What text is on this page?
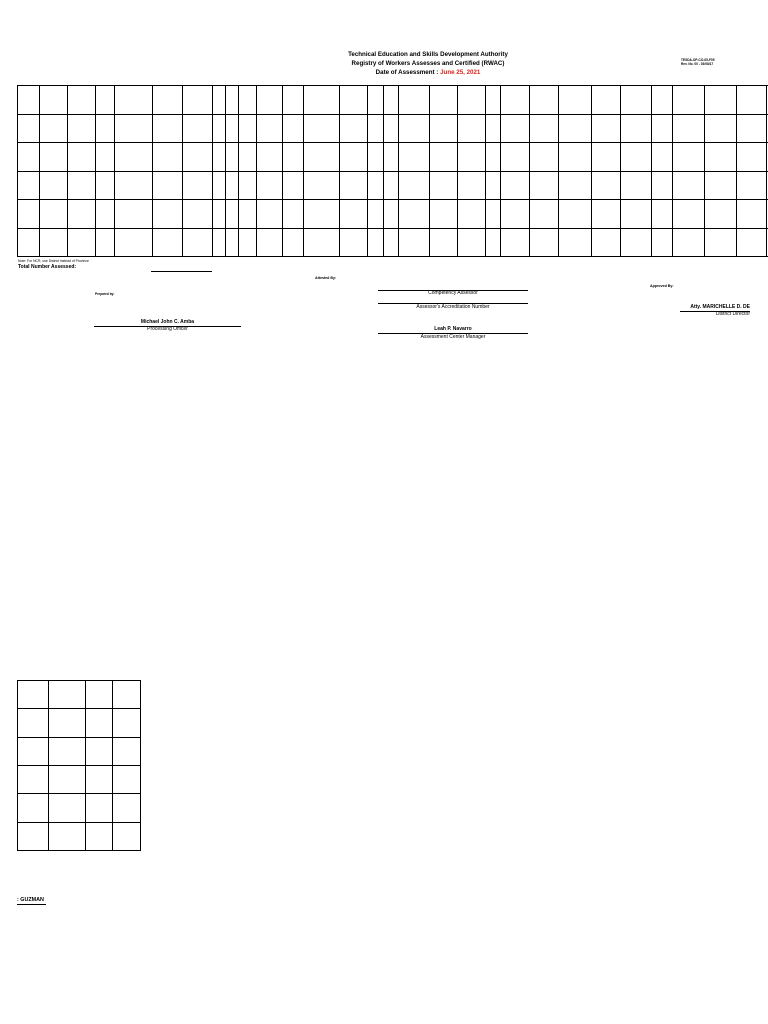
Technical Education and Skills Development Authority
Registry of Workers Assesses and Certified (RWAC)
Date of Assessment : June 25, 2021
TESDA-OP-CO-05-F05
Rev. No. 00 - 03/08/17

Note: For NCR, use District instead of Province
Total Number Assessed:
Attested By:
Approved By:
Prepared by:	Competency Assessor
Assessor's Accreditation Number	Atty. MARICHELLE D. DE
District Director
Michael John C. Amba
Processing Officer	Leah P. Navarro
Assessment Center Manager

: GUZMAN
